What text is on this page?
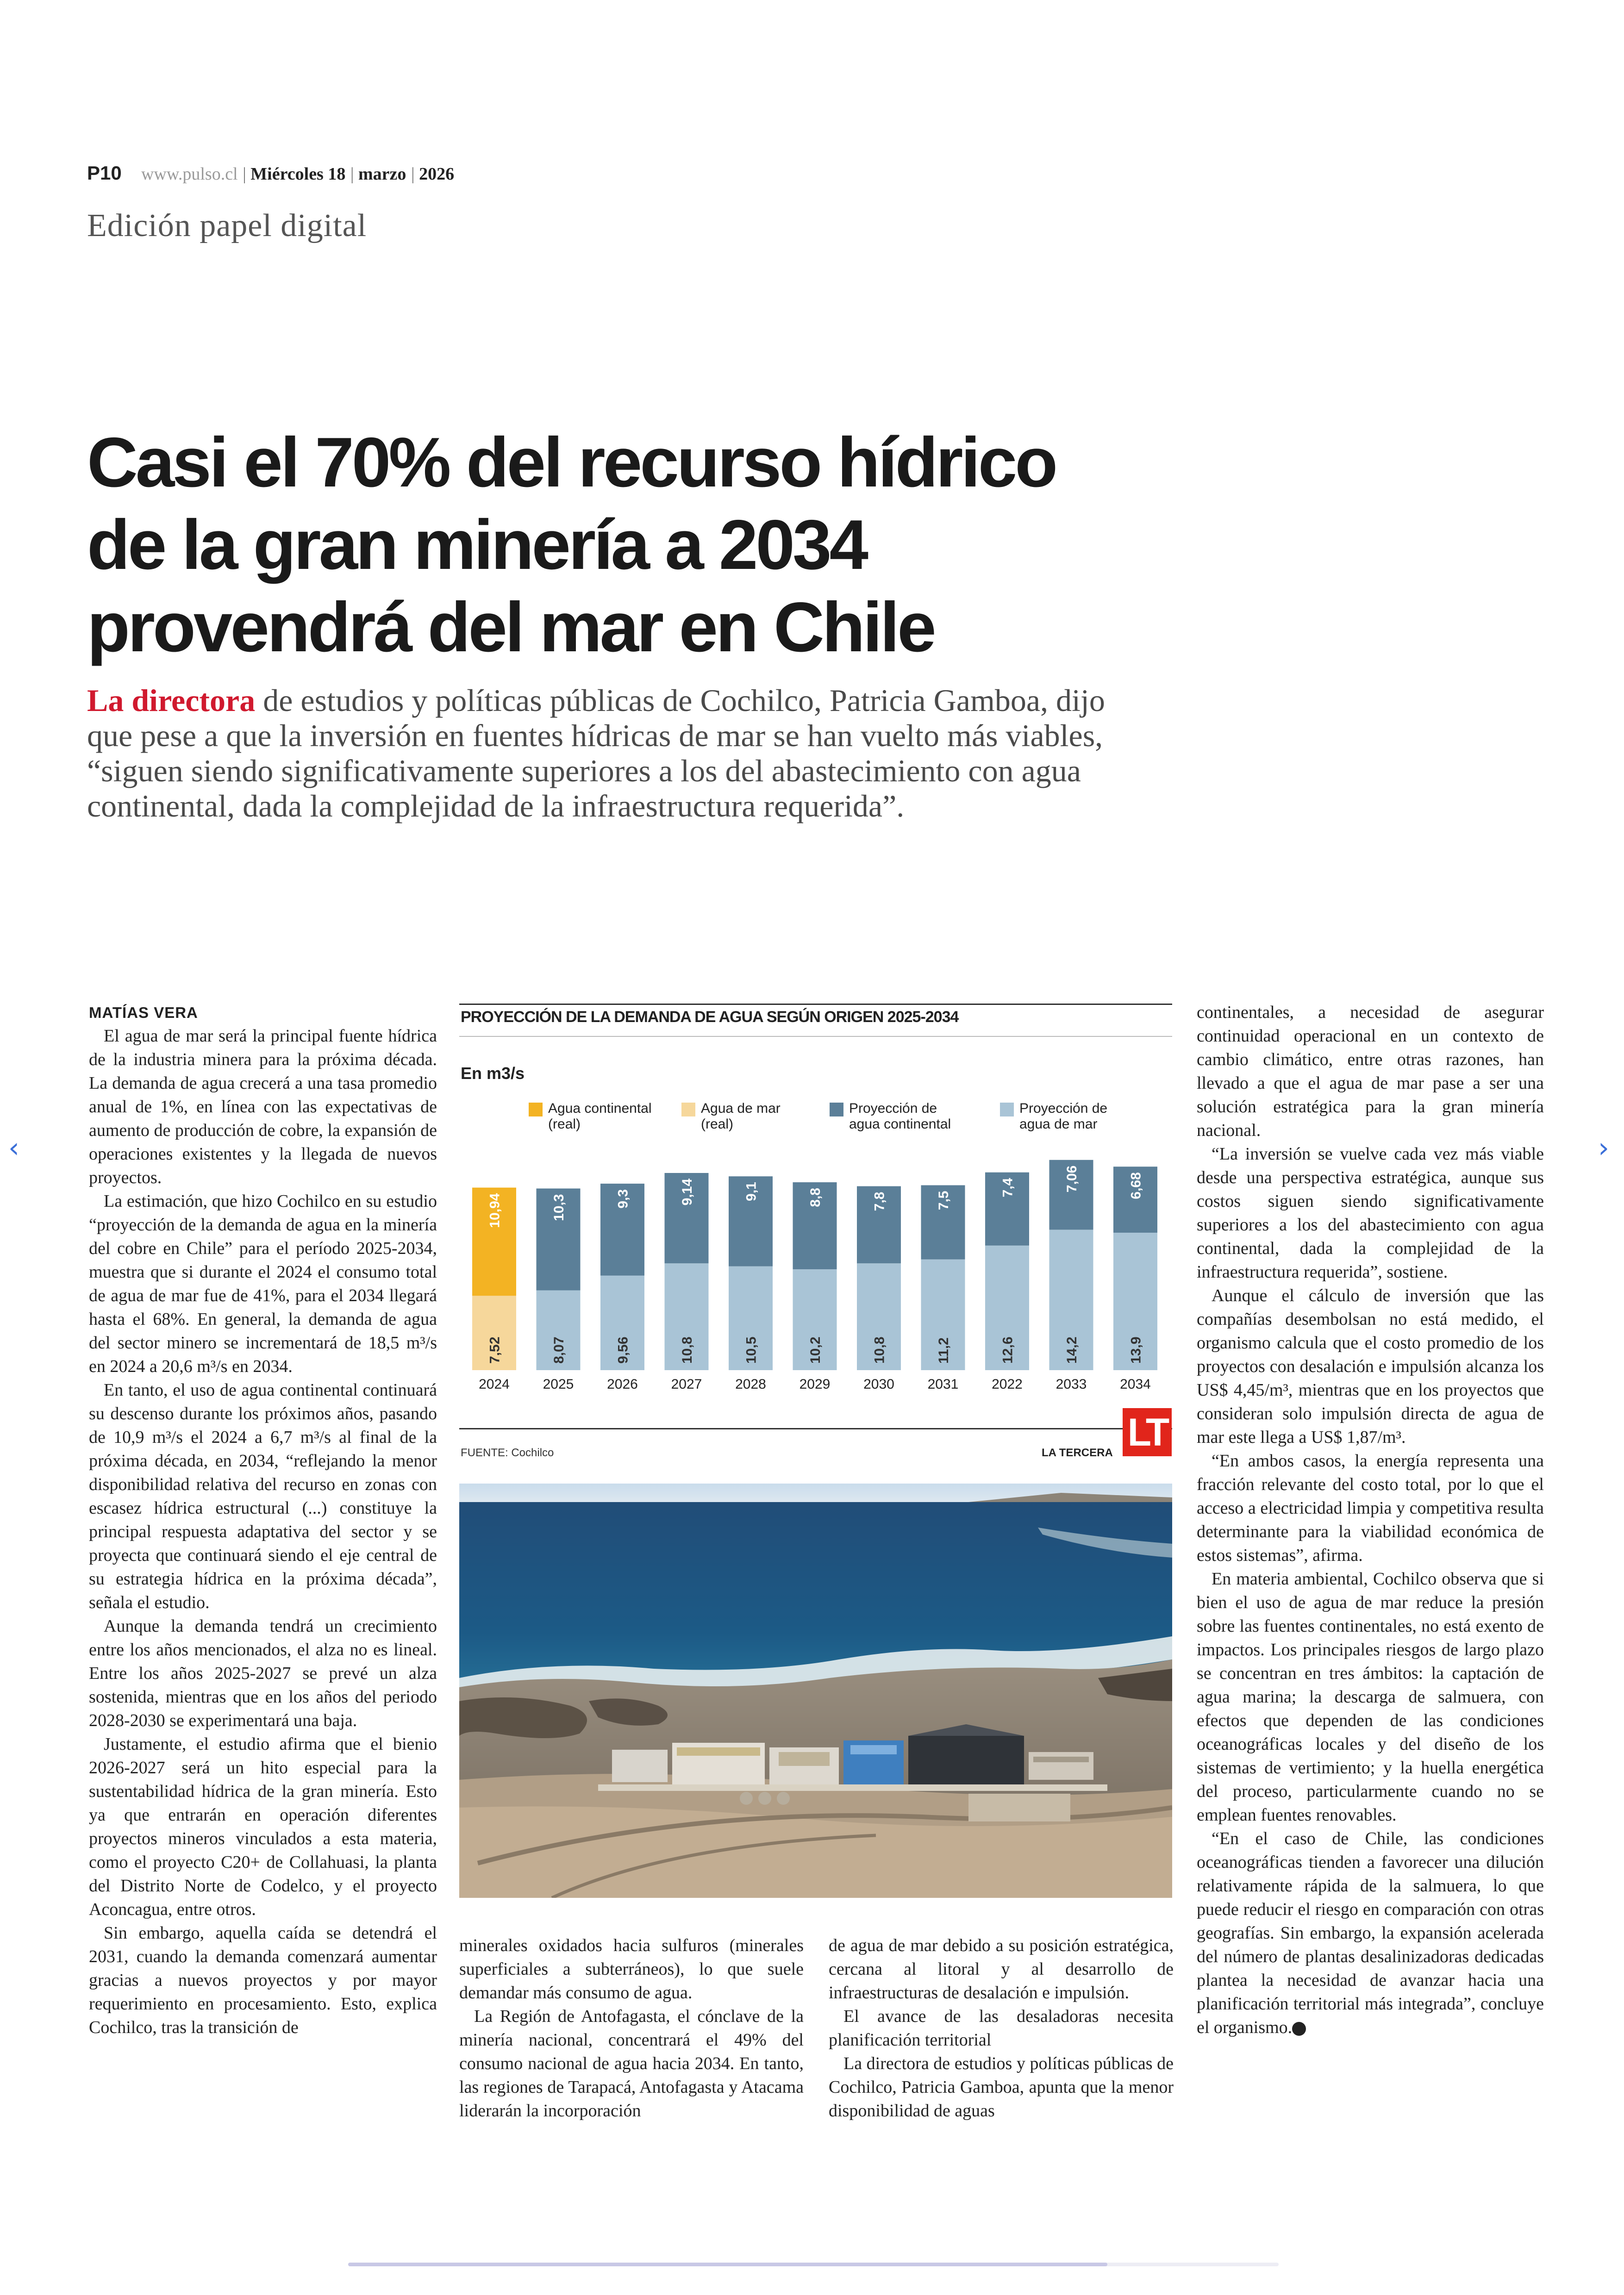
P10 www.pulso.cl | Miércoles 18 | marzo | 2026
Edición papel digital
Casi el 70% del recurso hídrico
de la gran minería a 2034
provendrá del mar en Chile
La directora de estudios y políticas públicas de Cochilco, Patricia Gamboa, dijo que pese a que la inversión en fuentes hídricas de mar se han vuelto más viables, “siguen siendo significativamente superiores a los del abastecimiento con agua continental, dada la complejidad de la infraestructura requerida”.
MATÍAS VERA

El agua de mar será la principal fuente hídrica de la industria minera para la próxima década. La demanda de agua crecerá a una tasa promedio anual de 1%, en línea con las expectativas de aumento de producción de cobre, la expansión de operaciones existentes y la llegada de nuevos proyectos.

La estimación, que hizo Cochilco en su estudio “proyección de la demanda de agua en la minería del cobre en Chile” para el período 2025-2034, muestra que si durante el 2024 el consumo total de agua de mar fue de 41%, para el 2034 llegará hasta el 68%. En general, la demanda de agua del sector minero se incrementará de 18,5 m³/s en 2024 a 20,6 m³/s en 2034.

En tanto, el uso de agua continental continuará su descenso durante los próximos años, pasando de 10,9 m³/s el 2024 a 6,7 m³/s al final de la próxima década, en 2034, “reflejando la menor disponibilidad relativa del recurso en zonas con escasez hídrica estructural (...) constituye la principal respuesta adaptativa del sector y se proyecta que continuará siendo el eje central de su estrategia hídrica en la próxima década”, señala el estudio.

Aunque la demanda tendrá un crecimiento entre los años mencionados, el alza no es lineal. Entre los años 2025-2027 se prevé un alza sostenida, mientras que en los años del periodo 2028-2030 se experimentará una baja.

Justamente, el estudio afirma que el bienio 2026-2027 será un hito especial para la sustentabilidad hídrica de la gran minería. Esto ya que entrarán en operación diferentes proyectos mineros vinculados a esta materia, como el proyecto C20+ de Collahuasi, la planta del Distrito Norte de Codelco, y el proyecto Aconcagua, entre otros.

Sin embargo, aquella caída se detendrá el 2031, cuando la demanda comenzará aumentar gracias a nuevos proyectos y por mayor requerimiento en procesamiento. Esto, explica Cochilco, tras la transición de

PROYECCIÓN DE LA DEMANDA DE AGUA SEGÚN ORIGEN 2025-2034
En m3/s
Agua continental
(real)
Agua de mar
(real)
Proyección de
agua continental
Proyección de
agua de mar
7,52
10,94
2024
8,07
10,3
2025
9,56
9,3
2026
10,8
9,14
2027
10,5
9,1
2028
10,2
8,8
2029
10,8
7,8
2030
11,2
7,5
2031
12,6
7,4
2022
14,2
7,06
2033
13,9
6,68
2034
FUENTE: Cochilco	LA TERCERA LT

minerales oxidados hacia sulfuros (minerales superficiales a subterráneos), lo que suele demandar más consumo de agua.

La Región de Antofagasta, el cónclave de la minería nacional, concentrará el 49% del consumo nacional de agua hacia 2034. En tanto, las regiones de Tarapacá, Antofagasta y Atacama liderarán la incorporación

de agua de mar debido a su posición estratégica, cercana al litoral y al desarrollo de infraestructuras de desalación e impulsión.

El avance de las desaladoras necesita planificación territorial

La directora de estudios y políticas públicas de Cochilco, Patricia Gamboa, apunta que la menor disponibilidad de aguas

continentales, a necesidad de asegurar continuidad operacional en un contexto de cambio climático, entre otras razones, han llevado a que el agua de mar pase a ser una solución estratégica para la gran minería nacional.

“La inversión se vuelve cada vez más viable desde una perspectiva estratégica, aunque sus costos siguen siendo significativamente superiores a los del abastecimiento con agua continental, dada la complejidad de la infraestructura requerida”, sostiene.

Aunque el cálculo de inversión que las compañías desembolsan no está medido, el organismo calcula que el costo promedio de los proyectos con desalación e impulsión alcanza los US$ 4,45/m³, mientras que en los proyectos que consideran solo impulsión directa de agua de mar este llega a US$ 1,87/m³.

“En ambos casos, la energía representa una fracción relevante del costo total, por lo que el acceso a electricidad limpia y competitiva resulta determinante para la viabilidad económica de estos sistemas”, afirma.

En materia ambiental, Cochilco observa que si bien el uso de agua de mar reduce la presión sobre las fuentes continentales, no está exento de impactos. Los principales riesgos de largo plazo se concentran en tres ámbitos: la captación de agua marina; la descarga de salmuera, con efectos que dependen de las condiciones oceanográficas locales y del diseño de los sistemas de vertimiento; y la huella energética del proceso, particularmente cuando no se emplean fuentes renovables.

“En el caso de Chile, las condiciones oceanográficas tienden a favorecer una dilución relativamente rápida de la salmuera, lo que puede reducir el riesgo en comparación con otras geografías. Sin embargo, la expansión acelerada del número de plantas desalinizadoras dedicadas plantea la necesidad de avanzar hacia una planificación territorial más integrada”, concluye el organismo. P

‹	›
